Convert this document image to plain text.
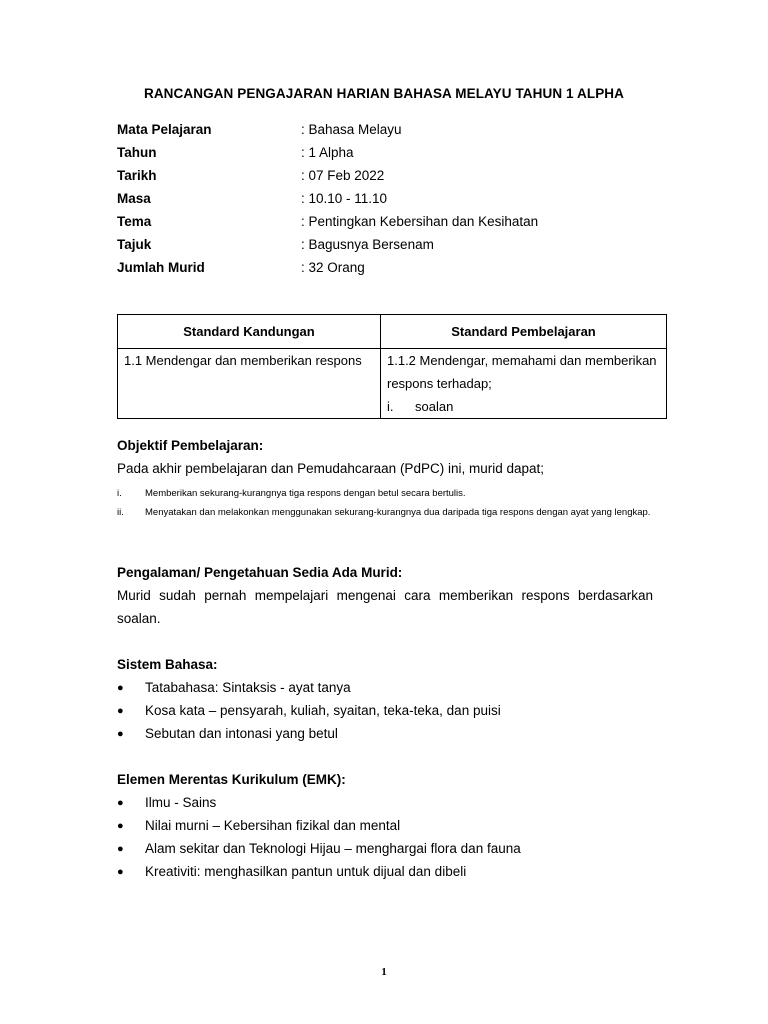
RANCANGAN PENGAJARAN HARIAN BAHASA MELAYU TAHUN 1 ALPHA
Mata Pelajaran	: Bahasa Melayu
Tahun	: 1 Alpha
Tarikh	: 07 Feb 2022
Masa	: 10.10 - 11.10
Tema	: Pentingkan Kebersihan dan Kesihatan
Tajuk	: Bagusnya Bersenam
Jumlah Murid	: 32 Orang
Standard Kandungan	Standard Pembelajaran
1.1 Mendengar dan memberikan respons	1.1.2 Mendengar, memahami dan memberikan respons terhadap;
i. soalan
Objektif Pembelajaran:
Pada akhir pembelajaran dan Pemudahcaraan (PdPC) ini, murid dapat;
i.	Memberikan sekurang-kurangnya tiga respons dengan betul secara bertulis.
ii.	Menyatakan dan melakonkan menggunakan sekurang-kurangnya dua daripada tiga respons dengan ayat yang lengkap.
Pengalaman/ Pengetahuan Sedia Ada Murid:
Murid sudah pernah mempelajari mengenai cara memberikan respons berdasarkan soalan.
Sistem Bahasa:
●	Tatabahasa: Sintaksis - ayat tanya
●	Kosa kata – pensyarah, kuliah, syaitan, teka-teka, dan puisi
●	Sebutan dan intonasi yang betul
Elemen Merentas Kurikulum (EMK):
●	Ilmu - Sains
●	Nilai murni – Kebersihan fizikal dan mental
●	Alam sekitar dan Teknologi Hijau – menghargai flora dan fauna
●	Kreativiti: menghasilkan pantun untuk dijual dan dibeli
1
